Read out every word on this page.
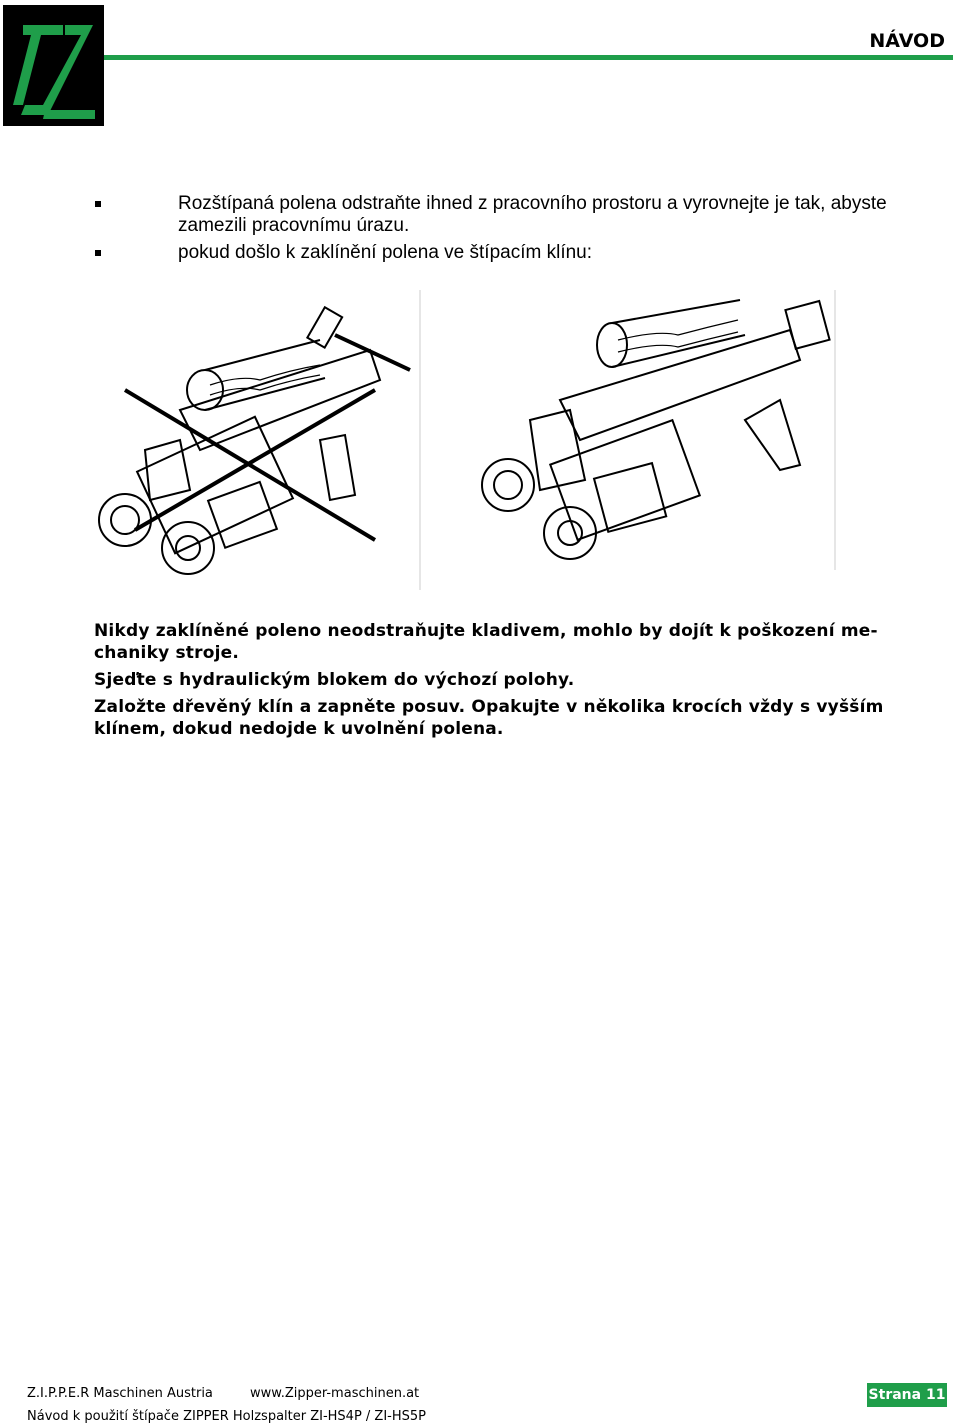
NÁVOD
Rozštípaná polena odstraňte ihned z pracovního prostoru a vyrovnejte je tak, abyste zamezili pracovnímu úrazu.
pokud došlo k zaklínění polena ve štípacím klínu:

Nikdy zaklíněné poleno neodstraňujte kladivem, mohlo by dojít k poškození me-chaniky stroje.

Sjeďte s hydraulickým blokem do výchozí polohy.

Založte dřevěný klín a zapněte posuv. Opakujte v několika krocích vždy s vyšším klínem, dokud nedojde k uvolnění polena.

Z.I.P.P.E.R Maschinen Austria	www.Zipper-maschinen.at	Strana 11
Návod k použití štípače ZIPPER Holzspalter ZI-HS4P / ZI-HS5P
